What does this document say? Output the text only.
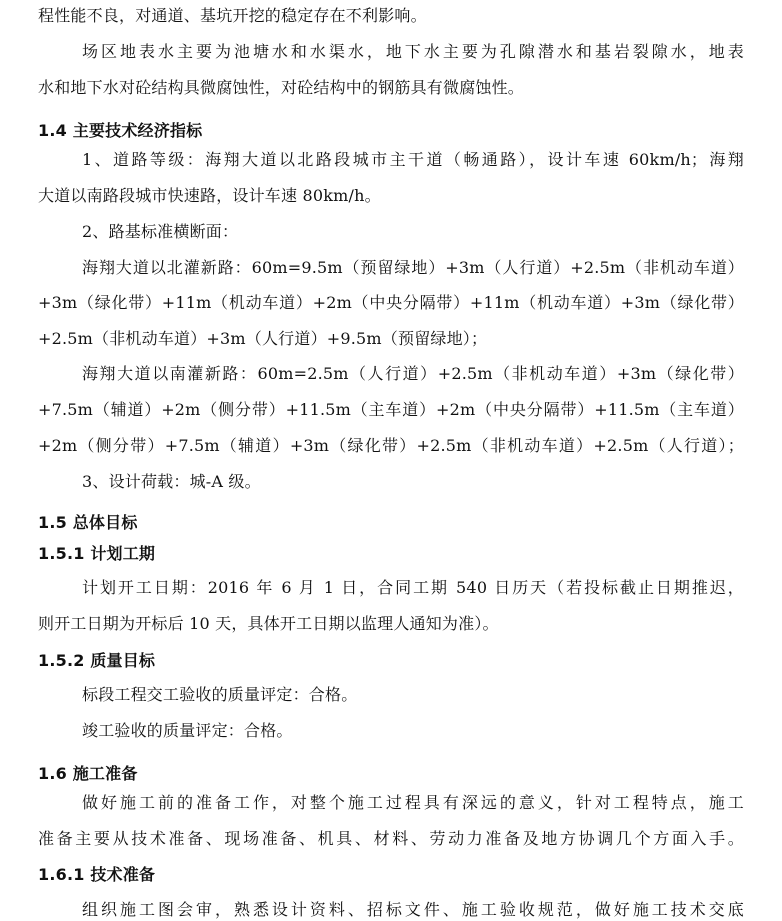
程性能不良，对通道、基坑开挖的稳定存在不利影响。
场区地表水主要为池塘水和水渠水，地下水主要为孔隙潜水和基岩裂隙水，地表
水和地下水对砼结构具微腐蚀性，对砼结构中的钢筋具有微腐蚀性。
1.4 主要技术经济指标
1、道路等级：海翔大道以北路段城市主干道（畅通路），设计车速 60km/h；海翔
大道以南路段城市快速路，设计车速 80km/h。
2、路基标准横断面：
海翔大道以北灌新路：60m=9.5m（预留绿地）+3m（人行道）+2.5m（非机动车道）
+3m（绿化带）+11m（机动车道）+2m（中央分隔带）+11m（机动车道）+3m（绿化带）
+2.5m（非机动车道）+3m（人行道）+9.5m（预留绿地）；
海翔大道以南灌新路：60m=2.5m（人行道）+2.5m（非机动车道）+3m（绿化带）
+7.5m（辅道）+2m（侧分带）+11.5m（主车道）+2m（中央分隔带）+11.5m（主车道）
+2m（侧分带）+7.5m（辅道）+3m（绿化带）+2.5m（非机动车道）+2.5m（人行道）；
3、设计荷载：城-A 级。
1.5 总体目标
1.5.1 计划工期
计划开工日期：2016 年 6 月 1 日，合同工期 540 日历天（若投标截止日期推迟，
则开工日期为开标后 10 天，具体开工日期以监理人通知为准）。
1.5.2 质量目标
标段工程交工验收的质量评定：合格。
竣工验收的质量评定：合格。
1.6 施工准备
做好施工前的准备工作，对整个施工过程具有深远的意义，针对工程特点，施工
准备主要从技术准备、现场准备、机具、材料、劳动力准备及地方协调几个方面入手。
1.6.1 技术准备
组织施工图会审，熟悉设计资料、招标文件、施工验收规范，做好施工技术交底
